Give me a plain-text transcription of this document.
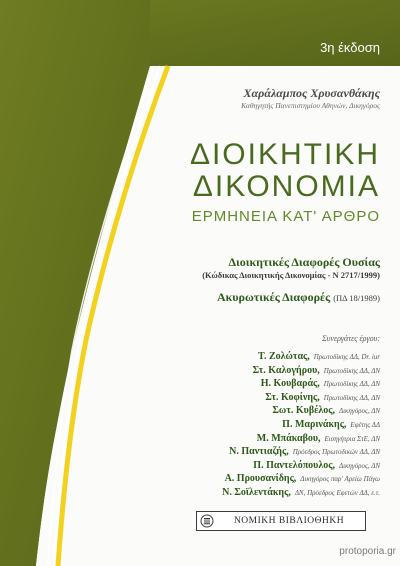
3η έκδοση
Χαράλαμπος Χρυσανθάκης
Καθηγητής Πανεπιστημίου Αθηνών, Δικηγόρος
ΔΙΟΙΚΗΤΙΚΗ
ΔΙΚΟΝΟΜΙΑ
ΕΡΜΗΝΕΙΑ ΚΑΤ' ΑΡΘΡΟ
Διοικητικές Διαφορές Ουσίας
(Κώδικας Διοικητικής Δικονομίας - Ν 2717/1999)
Ακυρωτικές Διαφορές (ΠΔ 18/1989)
Συνεργάτες έργου:
Τ. Ζολώτας, Πρωτοδίκης ΔΔ, Dr. iur
Στ. Καλογήρου, Πρωτοδίκης ΔΔ, ΔΝ
Η. Κουβαράς, Πρωτοδίκης ΔΔ, ΔΝ
Στ. Κοφίνης, Πρωτοδίκης ΔΔ, ΔΝ
Σωτ. Κυβέλος, Δικηγόρος, ΔΝ
Π. Μαρινάκης, Εφέτης ΔΔ
Μ. Μπάκαβου, Εισηγήτρια ΣτΕ, ΔΝ
Ν. Παντιαζής, Πρόεδρος Πρωτοδικών ΔΔ, ΔΝ
Π. Παντελόπουλος, Δικηγόρος, ΔΝ
Α. Προυσανίδης, Δικηγόρος παρ' Αρείω Πάγω
Ν. Σοϊλεντάκης, ΔΝ, Πρόεδρος Εφετών ΔΔ, ε.τ.
ΝΟΜΙΚΗ ΒΙΒΛΙΟΘΗΚΗ
protoporia.gr
